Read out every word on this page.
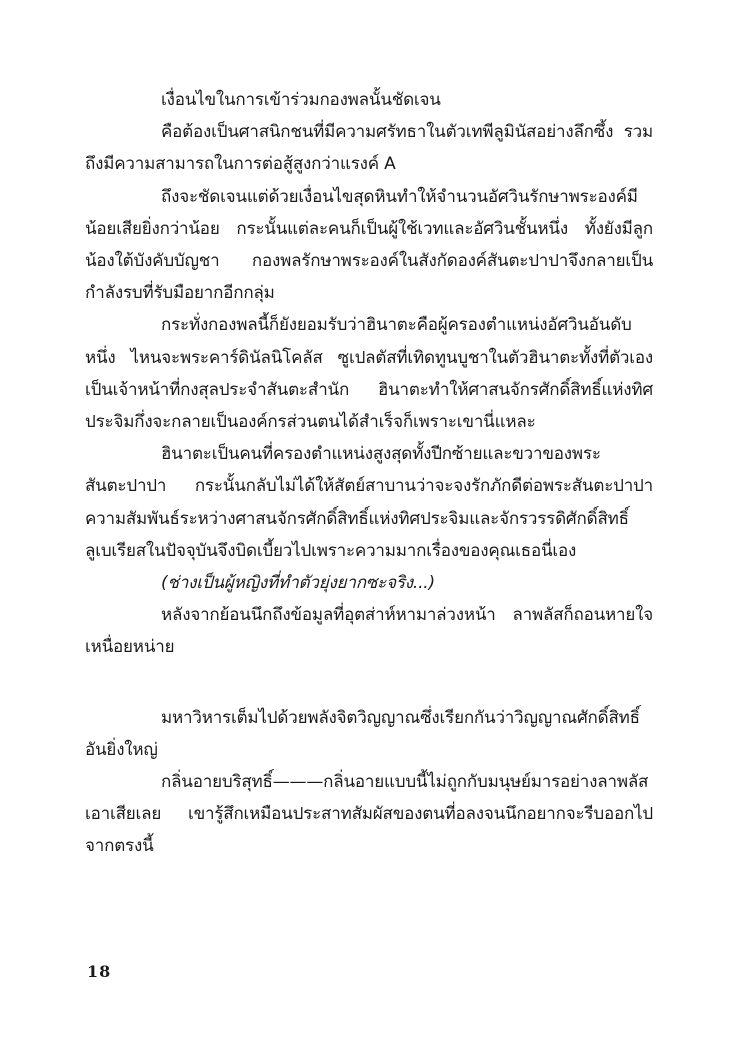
เงื่อนไขในการเข้าร่วมกองพลนั้นชัดเจน

คือต้องเป็นศาสนิกชนที่มีความศรัทธาในตัวเทพีลูมินัสอย่างลึกซึ้ง รวมถึงมีความสามารถในการต่อสู้สูงกว่าแรงค์ A

ถึงจะชัดเจนแต่ด้วยเงื่อนไขสุดหินทำให้จำนวนอัศวินรักษาพระองค์มีน้อยเสียยิ่งกว่าน้อย กระนั้นแต่ละคนก็เป็นผู้ใช้เวทและอัศวินชั้นหนึ่ง ทั้งยังมีลูกน้องใต้บังคับบัญชา กองพลรักษาพระองค์ในสังกัดองค์สันตะปาปาจึงกลายเป็นกำลังรบที่รับมือยากอีกกลุ่ม

กระทั่งกองพลนี้ก็ยังยอมรับว่าฮินาตะคือผู้ครองตำแหน่งอัศวินอันดับหนึ่ง ไหนจะพระคาร์ดินัลนิโคลัส ซูเปลตัสที่เทิดทูนบูชาในตัวฮินาตะทั้งที่ตัวเองเป็นเจ้าหน้าที่กงสุลประจำสันตะสำนัก ฮินาตะทำให้ศาสนจักรศักดิ์สิทธิ์แห่งทิศประจิมกึ่งจะกลายเป็นองค์กรส่วนตนได้สำเร็จก็เพราะเขานี่แหละ

ฮินาตะเป็นคนที่ครองตำแหน่งสูงสุดทั้งปีกซ้ายและขวาของพระสันตะปาปา กระนั้นกลับไม่ได้ให้สัตย์สาบานว่าจะจงรักภักดีต่อพระสันตะปาปา ความสัมพันธ์ระหว่างศาสนจักรศักดิ์สิทธิ์แห่งทิศประจิมและจักรวรรดิศักดิ์สิทธิ์ลูเบเรียสในปัจจุบันจึงบิดเบี้ยวไปเพราะความมากเรื่องของคุณเธอนี่เอง

(ช่างเป็นผู้หญิงที่ทำตัวยุ่งยากซะจริง...)

หลังจากย้อนนึกถึงข้อมูลที่อุตส่าห์หามาล่วงหน้า ลาพลัสก็ถอนหายใจเหนื่อยหน่าย

มหาวิหารเต็มไปด้วยพลังจิตวิญญาณซึ่งเรียกกันว่าวิญญาณศักดิ์สิทธิ์อันยิ่งใหญ่

กลิ่นอายบริสุทธิ์———กลิ่นอายแบบนี้ไม่ถูกกับมนุษย์มารอย่างลาพลัสเอาเสียเลย เขารู้สึกเหมือนประสาทสัมผัสของตนที่อลงจนนึกอยากจะรีบออกไปจากตรงนี้

18
